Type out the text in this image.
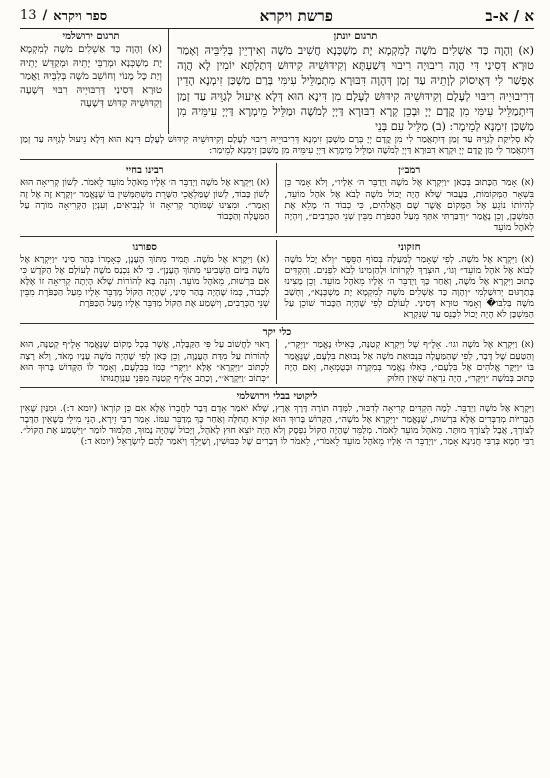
א / א-ב
פרשת ויקרא
13 / ספר ויקרא
תרגום יונתן

(א) וְהָוָה כַּד אַשְׁלִים מֹשֶׁה לְמִקְמָא יָת מַשְׁכְּנָא חֲשִׁיב מֹשֶׁה וְאִידְיֵין בְּלִיבֵּיהּ וְאָמַר טוּרָא דְּסִינַי דִּי הֲוָה רִיבוּיָה רִיבוּי דְּשַׁעְתָּא וְקִידּוּשֵׁיהּ קִידּוּשׁ דְּתַלְתָּא יוֹמִין לָא הֲוָה אֶפְשַׁר לִי דְּאֶיסוֹק לְוָתֵיהּ עַד זְמַן דְּהָוָה דִּבּוּרָא מִתְמַלֵּיל עִימִּי בְּרַם מַשְׁכַּן זִימְנָא הָדֵין דְּרִיבוּיֵיהּ רִיבּוּי לְעָלָם וְקִידּוּשֵׁיהּ קִידּוּשׁ לְעָלָם מִן דִּינָא הוּא דְּלָא אֵיעוּל לְגַוֵּיהּ עַד זְמַן דְּיִתְמַלֵּיל עִימִּי מִן קֳדָם יְיָ וּבְכֵן קְרָא דִבּוּרָא דַּיְיָ לְמֹשֶׁה וּמַלֵּיל מֵימְרָא דַּיְיָ עִימֵּיהּ מִן מַשְׁכַּן זִימְנָא לְמֵימָר: (ב) מַלֵּיל עִם בְּנֵי

תרגום ירושלמי

(א) וְהָוָה כַּד אַשְׁלִים מֹשֶׁה לְמִקְמָא יָת מַשְׁכְּנָא וּמְרַבֵּי יָתֵיהּ וּמְקַדֵּשׁ יָתֵיהּ וְיַת כָּל מָנוֹי וְחוֹשֵׁב מֹשֶׁה בְּלִבֵּיהּ וַאֲמַר טוּרָא דְּסִינַי דְּרִבּוּיֵיהּ רִבּוּי דְּשָׁעָה וְקִדּוּשֵׁיהּ קִדּוּשׁ דְּשָׁעָה

לָא סְלִיקַת לְגַוֵּיהּ עַד זְמַן דְּיִתְאֲמַר לִי מִן קֳדָם יְיָ בְּרַם מַשְׁכַּן זִימְנָא דְּרִיבוּיֵיהּ רִיבוּי לְעָלָם וְקִידּוּשֵׁיהּ קִידּוּשׁ לְעָלָם דִּינָא הוּא דְּלָא נֵיעוּל לְגַוֵּיהּ עַד זְמַן דְּיִתְאֲמַר לִי מִן קֳדָם יְיָ וּקְרָא דִבּוּרָא דַּיְיָ לְמֹשֶׁה וּמַלֵּיל מֵימְרָא דַּיְיָ עִימֵּיהּ מִן מַשְׁכַּן זִימְנָא לְמֵימַר:

רמב״ן

(א) אָמַר הַכָּתוּב בְּכַאן ״וַיִּקְרָא אֶל מֹשֶׁה וַיְדַבֵּר ה׳ אֵלָיו״, וְלֹא אָמַר כֵּן בִּשְׁאָר הַמְּקוֹמוֹת, בַּעֲבוּר שֶׁלֹּא הָיָה יָכוֹל מֹשֶׁה לָבֹא אֶל אֹהֶל מוֹעֵד, לְהִיוֹתוֹ נוֹגֵעַ אֶל הַמָּקוֹם אֲשֶׁר שָׁם הָאֱלֹהִים, כִּי כְבוֹד ה׳ מָלֵא אֶת הַמִּשְׁכָּן, וְכֵן נֶאֱמַר ״וְדִבַּרְתִּי אִתְּךָ מֵעַל הַכַּפֹּרֶת מִבֵּין שְׁנֵי הַכְּרֻבִים״, וְיִהְיֶה לְאֹהֶל מוֹעֵד

רבינו בחיי

(א) וַיִּקְרָא אֶל מֹשֶׁה וַיְדַבֵּר ה׳ אֵלָיו מֵאֹהֶל מוֹעֵד לֵאמֹר. לְשׁוֹן קְרִיאָה הוּא לְשׁוֹן כָּבוֹד, לְשׁוֹן שֶׁמַּלְאֲכֵי הַשָּׁרֵת מִשְׁתַּמְּשִׁין בּוֹ שֶׁנֶּאֱמַר ״וְקָרָא זֶה אֶל זֶה וְאָמַר״. וּמִצִּינוּ שֶׁמּוֹתָר קְרִיאָה זוֹ לְנְבִיאִים, וְעִנְיַן הַקְּרִיאָה מוֹרָה עַל הַמַּעֲלָה וְהַכָּבוֹד

חזקוני

(א) וַיִּקְרָא אֶל מֹשֶׁה. לְפִי שֶׁאָמַר לְמַעְלָה בְּסוֹף הַסֵּפֶר ״וְלֹא יָכֹל מֹשֶׁה לָבוֹא אֶל אֹהֶל מוֹעֵד״ וְגוֹ׳, הוּצְרַךְ לִקְרוֹתוֹ וּלְהַזְמִינוֹ לְבֹא לִפְנִים. וְהִקְדִּים כָּתוּב וַיִּקְרָא אֶל מֹשֶׁה, וְאַחַר כָּךְ וַיְדַבֵּר ה׳ אֵלָיו מֵאֹהֶל מוֹעֵד. וְכֵן מָצִינוּ בְּתַרְגּוּם יְרוּשַׁלְמִי ״וְהָוָה כַּד אַשְׁלִים מֹשֶׁה לְמִקְמָא יָת מַשְׁכְּנָא״, וְחָשַׁב מֹשֶׁה בְּלִבּו�ֹ וְאָמַר טוּרָא דְּסִינַי. לְעוֹלָם לְפִי שֶׁהָיָה הַכָּבוֹד שׁוֹכֵן עַל הַמִּשְׁכָּן לֹא הָיָה יָכוֹל לִכָּנֵס עַד שֶׁנִּקְרָא

ספורנו

(א) וַיִּקְרָא אֶל מֹשֶׁה. תָּמִיד מִתּוֹךְ הֶעָנָן, כְּאָמְרוֹ בְּהַר סִינַי ״וַיִּקְרָא אֶל מֹשֶׁה בַּיּוֹם הַשְּׁבִיעִי מִתּוֹךְ הֶעָנָן״. כִּי לֹא נִכְנַס מֹשֶׁה לְעוֹלָם אֶל הַקֹּדֶשׁ כִּי אִם בִּרְשׁוּת, מֵאֹהֶל מוֹעֵד. וְהִנֵּה בָּא לְהוֹרוֹת שֶׁלֹּא הָיְתָה קְרִיאָה זוֹ אֶלָּא לְכָבוֹד, כְּמוֹ שֶׁהָיָה בְּהַר סִינַי, שֶׁהָיָה הַקּוֹל מְדַבֵּר אֵלָיו מֵעַל הַכַּפֹּרֶת מִבֵּין שְׁנֵי הַכְּרֻבִים, וְיִשְׁמַע אֶת הַקּוֹל מִדַּבֵּר אֵלָיו מֵעַל הַכַּפֹּרֶת

כלי יקר

(א) וַיִּקְרָא אֶל מֹשֶׁה וגו׳. אָלֶ״ף שֶׁל וַיִּקְרָא קְטַנָּה, כְּאִילּוּ נֶאֱמַר ״וַיִּקָּר״, וְהַטַּעַם שֶׁל דָּבָר, לְפִי שֶׁהַמַּעֲלָה בִּנְבוּאַת מֹשֶׁה אַל נְבוּאַת בִּלְעָם, שֶׁנֶּאֱמַר בּוֹ ״וַיִּקָּר אֱלֹהִים אֶל בִּלְעָם״, כְּאִלּוּ נֶאֱמַר בְּמִקְרֶה וּבְטֻמְאָה, וְאִם הָיָה כָּתוּב בְּמֹשֶׁה ״וַיִּקָּר״, הָיָה נִרְאֶה שֶׁאֵין חִלּוּק

רָאוּי לַחֲשׁוֹב עַל פִּי הַקַּבָּלָה, אֲשֶׁר בְּכָל מָקוֹם שֶׁנֶּאֱמַר אָלֶ״ף קְטַנָּה, הוּא לְהוֹרוֹת עַל מִדַּת הָעֲנָוָה, וְכֵן כָּאן לְפִי שֶׁהָיָה מֹשֶׁה עָנָיו מְאֹד, וְלֹא רָצָה לִכְתּוֹב ״וַיִּקְרָא״ אֶלָּא ״וַיִּקָּר״ כְּמוֹ בְּבִלְעָם, וְאָמַר לוֹ הַקָּדוֹשׁ בָּרוּךְ הוּא ״כְּתוֹב ׳וַיִּקְרָא׳״, וְכָתַב אָלֶ״ף קְטַנָּה מִפְּנֵי עַנְוְתָנוּתוֹ

ליקוטי בבלי וירושלמי

וַיִּקְרָא אֶל מֹשֶׁה וַיְדַבֵּר. לְמָה הִקְדִּים קְרִיאָה לְדִבּוּר, לִמְּדָה תוֹרָה דֶּרֶךְ אֶרֶץ, שֶׁלֹּא יֹאמַר אָדָם דָּבָר לַחֲבֵרוֹ אֶלָּא אִם כֵּן קוֹרְאוֹ (יומא ד:). וּמִנַּיִן שֶׁאֵין הַבְּרִיּוֹת מְדַבְּרִים אֶלָּא בִּרְשׁוּת, שֶׁנֶּאֱמַר ״וַיִּקְרָא אֶל מֹשֶׁה״, הַקָּדוֹשׁ בָּרוּךְ הוּא קוֹרֵא תְחִלָּה וְאַחַר כָּךְ מְדַבֵּר עִמּוֹ. אָמַר רַבִּי זֵירָא, הָנֵי מִילֵּי בְּשֶׁאֵין הַדָּבָר לְצוֹרֶךְ, אֲבָל לְצוֹרֶךְ מוּתָּר. מֵאֹהֶל מוֹעֵד לֵאמֹר. מְלַמֵּד שֶׁהָיָה הַקּוֹל נִפְסָק וְלֹא הָיָה יוֹצֵא חוּץ לָאֹהֶל, וְיָכוֹל שֶׁהָיָה נָמוּךְ, תַּלְמוּד לוֹמַר ״וַיִּשְׁמַע אֶת הַקּוֹל״. רַבִּי חָמָא בְּרַבִּי חֲנִינָא אָמַר, ״וַיְדַבֵּר ה׳ אֵלָיו מֵאֹהֶל מוֹעֵד לֵאמֹר״, לֵאמֹר לוֹ דְּבָרִים שֶׁל כִּבּוּשִׁין, וְשֶׁיֵּלֵךְ וְיֹאמַר לָהֶם לְיִשְׂרָאֵל (יומא ד:)
